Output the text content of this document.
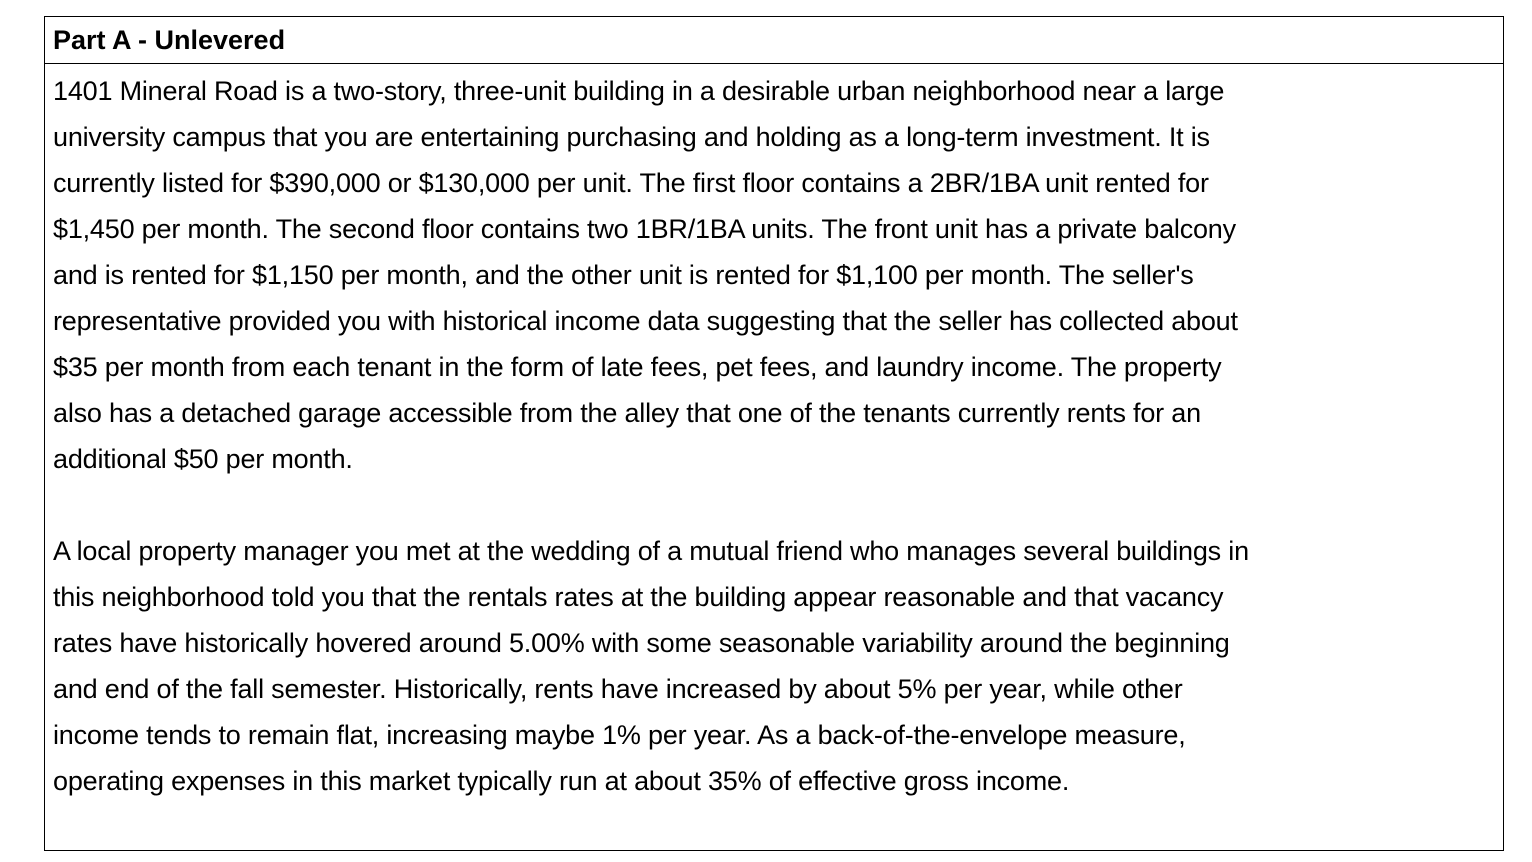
Part A - Unlevered
1401 Mineral Road is a two-story, three-unit building in a desirable urban neighborhood near a large
university campus that you are entertaining purchasing and holding as a long-term investment. It is
currently listed for $390,000 or $130,000 per unit. The first floor contains a 2BR/1BA unit rented for
$1,450 per month. The second floor contains two 1BR/1BA units. The front unit has a private balcony
and is rented for $1,150 per month, and the other unit is rented for $1,100 per month. The seller's
representative provided you with historical income data suggesting that the seller has collected about
$35 per month from each tenant in the form of late fees, pet fees, and laundry income. The property
also has a detached garage accessible from the alley that one of the tenants currently rents for an
additional $50 per month.
A local property manager you met at the wedding of a mutual friend who manages several buildings in
this neighborhood told you that the rentals rates at the building appear reasonable and that vacancy
rates have historically hovered around 5.00% with some seasonable variability around the beginning
and end of the fall semester. Historically, rents have increased by about 5% per year, while other
income tends to remain flat, increasing maybe 1% per year. As a back-of-the-envelope measure,
operating expenses in this market typically run at about 35% of effective gross income.
